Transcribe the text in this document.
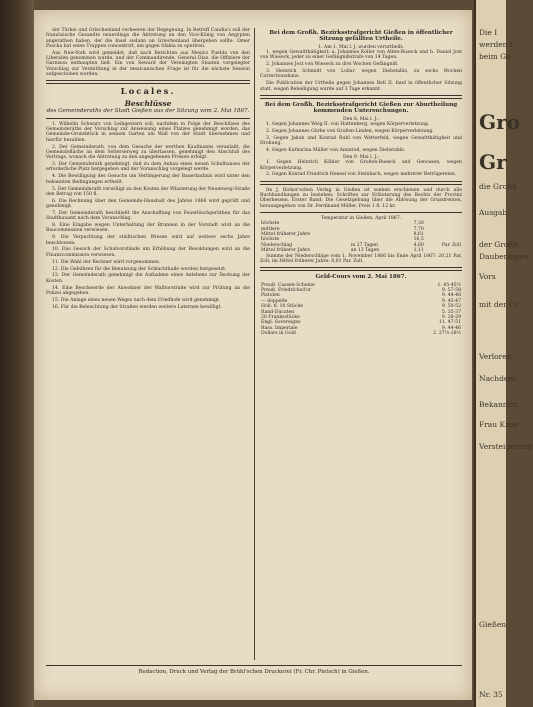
der Türkei und Griechenland verheeren der Begegnung. In Betreff Candia's soll der französische Gesandte neuerdings die Abtretung an den Vice-König von Aegypten angerathen haben, der die Insel sodann an Griechenland übergeben sollte. Omer Pascha hat seine Truppen concentrirt, um gegen Sfakia zu operiren.

Aus New-York wird gemeldet, daß nach Berichten aus Mexico Puebla von den Liberalen genommen wurde, und der Commandirende, General Diaz, die Offiziere der Garnison enthaupten ließ. Ein von Seward der Vereinigten Staaten vorgelegter Vorschlag zur Vermittlung in der mexicanischen Frage ist für die nächste Session aufgeschoben worden.

Locales.
Beschlüsse
des Gemeinderaths der Stadt Gießen aus der Sitzung vom 2. Mai 1867.

1. Wilhelm Schwarz von Leihgestern soll, nachdem in Folge der Beschlüsse des Gemeinderaths der Vorschlag zur Anweisung eines Platzes genehmigt worden, das Gemeinde-Grundstück in seinem Garten am Wall von der Stadt übernehmen und hierfür bezahlen.

2. Der Gemeinderath, von dem Gesuche der werthen Kaufmanns veranlaßt, die Gemeindefläche an dem Selterserweg zu überlassen, genehmigt den Abschluß des Vertrags, wonach die Abtretung zu den angegebenen Preisen erfolgt.

3. Der Gemeinderath genehmigt, daß zu dem Anbau eines neuen Schulhauses der erforderliche Platz hergegeben und der Voranschlag vorgelegt werde.

4. Die Bewilligung des Gesuchs um Verlängerung der Bauerlaubnis wird unter den bekannten Bedingungen ertheilt.

5. Der Gemeinderath verwilligt zu den Kosten der Pflasterung der Neuenweg-Straße den Betrag von 150 fl.

6. Die Rechnung über den Gemeinde-Haushalt des Jahres 1866 wird geprüft und genehmigt.

7. Der Gemeinderath beschließt die Anschaffung von Feuerlöschgeräthen für das Stadtbauamt nach dem Voranschlag.

8. Eine Eingabe wegen Unterhaltung der Brunnen in der Vorstadt wird an die Baucommission verwiesen.

9. Die Verpachtung der städtischen Wiesen wird auf weitere sechs Jahre beschlossen.

10. Das Gesuch der Schulvorstände um Erhöhung der Besoldungen wird an die Finanzcommission verwiesen.

11. Die Wahl der Rechner wird vorgenommen.

12. Die Gebühren für die Benutzung der Schlachthalle werden festgesetzt.

13. Der Gemeinderath genehmigt die Aufnahme eines Anlehens zur Deckung der Kosten.

14. Eine Beschwerde der Anwohner der Walltorstraße wird zur Prüfung an die Polizei abgegeben.

15. Die Anlage eines neuen Weges nach dem Friedhofe wird genehmigt.

16. Für die Beleuchtung der Straßen werden weitere Laternen bewilligt.

Bei dem Großh. Bezirksstrafgericht Gießen in öffentlicher Sitzung gefällten Urtheile.
1. Am 1. Mai l. J. wurden verurtheilt:

1. wegen Gewaltthätigkeit: a. Johannes Koller von Alten-Buseck und b. Daniel Jost von Wieseck, jeder zu einer Gefängnißstrafe von 14 Tagen.

2. Johannes Jost von Wieseck zu drei Wochen Gefängniß.

3. Heinrich Schmidt von Lollar, wegen Diebstahls, zu sechs Wochen Correctionshaus.

Die Publication der Urtheile gegen Johannes Bell II. fand in öffentlicher Sitzung statt, wegen Beleidigung wurde auf 3 Tage erkannt.

Bei dem Großh. Bezirksstrafgericht Gießen zur Aburtheilung kommenden Untersuchungen.
Den 8. Mai l. J.:

1. Gegen Johannes Weig II. von Hattenberg, wegen Körperverletzung.

2. Gegen Johannes Gürke von Großen-Linden, wegen Körperverletzung.

3. Gegen Jakob und Konrad Ruhl von Wetterfeld, wegen Gewaltthätigkeit und Drohung.

4. Gegen Katharina Müller von Annerod, wegen Diebstahls.

Den 9. Mai l. J.:

1. Gegen Heinrich Köhler von Großen-Buseck und Genossen, wegen Körperverletzung.

2. Gegen Konrad Friedrich Hensel von Steinbach, wegen mehrerer Betrügereien.

Im J. Ricker'schen Verlag in Gießen ist soeben erschienen und durch alle Buchhandlungen zu beziehen: Schriften zur Erläuterung des Rechts der Provinz Oberhessen. Erster Band: Die Gesetzgebung über die Ablösung der Grundrenten, herausgegeben von Dr. Ferdinand Müller. Preis 1 fl. 12 kr.

Temperatur in Gießen, April 1867.
höchste		7,30	
mittlere		7,70	
Mittel früherer Jahre		8,61	
höchste		16,5	
Niederschlag	in 27 Tagen	4,60	Par. Zoll
Mittel früherer Jahre	an 13 Tagen	1,11	

Summe der Niederschläge vom 1. November 1866 bis Ende April 1867: 20,21 Par. Zoll; im Mittel früherer Jahre: 8,01 Par. Zoll.

Geld-Cours vom 2. Mai 1867.
Preuß. Cassen-Scheine	1. 45-45½
Preuß. Friedrichsd'or	9. 57-58
Pistolen	9. 44-46
— doppelte	9. 45-47
Holl. fl. 10 Stücke	9. 50-52
Rand-Ducaten	5. 35-37
20 Franksstücke	9. 28-29
Engl. Sovereigns	11. 47-51
Russ. Imperiale	9. 44-46
Dollars in Gold	2. 27½-28½
Redaction, Druck und Verlag der Brühl'schen Druckerei (Fr. Chr. Pietsch) in Gießen.
Die I
werden t
beim Ge
Gro
Gr
die Großh
Ausgab
der Großh
Dauberingen
Vors
mit der Cr
Verloren
Nachdem
Bekanntm
Frau Kron
Versteigerung
Gießen
Nr. 35
